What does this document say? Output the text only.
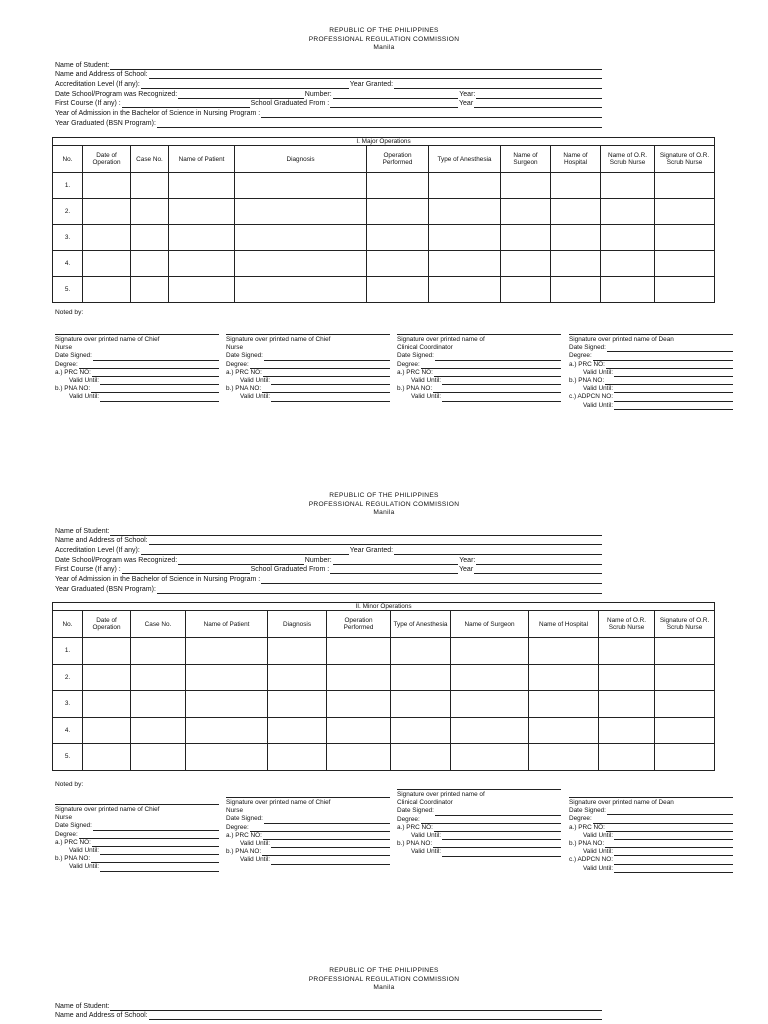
REPUBLIC OF THE PHILIPPINES
PROFESSIONAL REGULATION COMMISSION
Manila
Name of Student:
Name and Address of School:
Accreditation Level (If any):	Year Granted:
Date School/Program was Recognized:	Number:	Year:
First Course (If any) :	School Graduated From :	Year
Year of Admission in the Bachelor of Science in Nursing Program :
Year Graduated (BSN Program):
I. Major Operations										
No.	Date of Operation	Case No.	Name of Patient	Diagnosis	Operation Performed	Type of Anesthesia	Name of Surgeon	Name of Hospital	Name of O.R. Scrub Nurse	Signature of O.R. Scrub Nurse
1.										
2.										
3.										
4.										
5.										
Noted by:
Signature over printed name of Chief
Nurse
Date Signed:
Degree:
a.) PRC NO:
Valid Until:
b.) PNA NO:
Valid Until:
Signature over printed name of Chief
Nurse
Date Signed:
Degree:
a.) PRC NO:
Valid Until:
b.) PNA NO:
Valid Until:
Signature over printed name of
Clinical Coordinator
Date Signed:
Degree:
a.) PRC NO:
Valid Until:
b.) PNA NO:
Valid Until:
Signature over printed name of Dean
Date Signed:
Degree:
a.) PRC NO:
Valid Until:
b.) PNA NO:
Valid Until:
c.) ADPCN NO:
Valid Until:
REPUBLIC OF THE PHILIPPINES
PROFESSIONAL REGULATION COMMISSION
Manila
Name of Student:
Name and Address of School:
Accreditation Level (If any):	Year Granted:
Date School/Program was Recognized:	Number:	Year:
First Course (If any) :	School Graduated From :	Year
Year of Admission in the Bachelor of Science in Nursing Program :
Year Graduated (BSN Program):
II. Minor Operations										
No.	Date of Operation	Case No.	Name of Patient	Diagnosis	Operation Performed	Type of Anesthesia	Name of Surgeon	Name of Hospital	Name of O.R. Scrub Nurse	Signature of O.R. Scrub Nurse
1.										
2.										
3.										
4.										
5.										
Noted by:
Signature over printed name of Chief
Nurse
Date Signed:
Degree:
a.) PRC NO:
Valid Until:
b.) PNA NO:
Valid Until:
Signature over printed name of Chief
Nurse
Date Signed:
Degree:
a.) PRC NO:
Valid Until:
b.) PNA NO:
Valid Until:
Signature over printed name of
Clinical Coordinator
Date Signed:
Degree:
a.) PRC NO:
Valid Until:
b.) PNA NO:
Valid Until:
Signature over printed name of Dean
Date Signed:
Degree:
a.) PRC NO:
Valid Until:
b.) PNA NO:
Valid Until:
c.) ADPCN NO:
Valid Until:
REPUBLIC OF THE PHILIPPINES
PROFESSIONAL REGULATION COMMISSION
Manila
Name of Student:
Name and Address of School:
